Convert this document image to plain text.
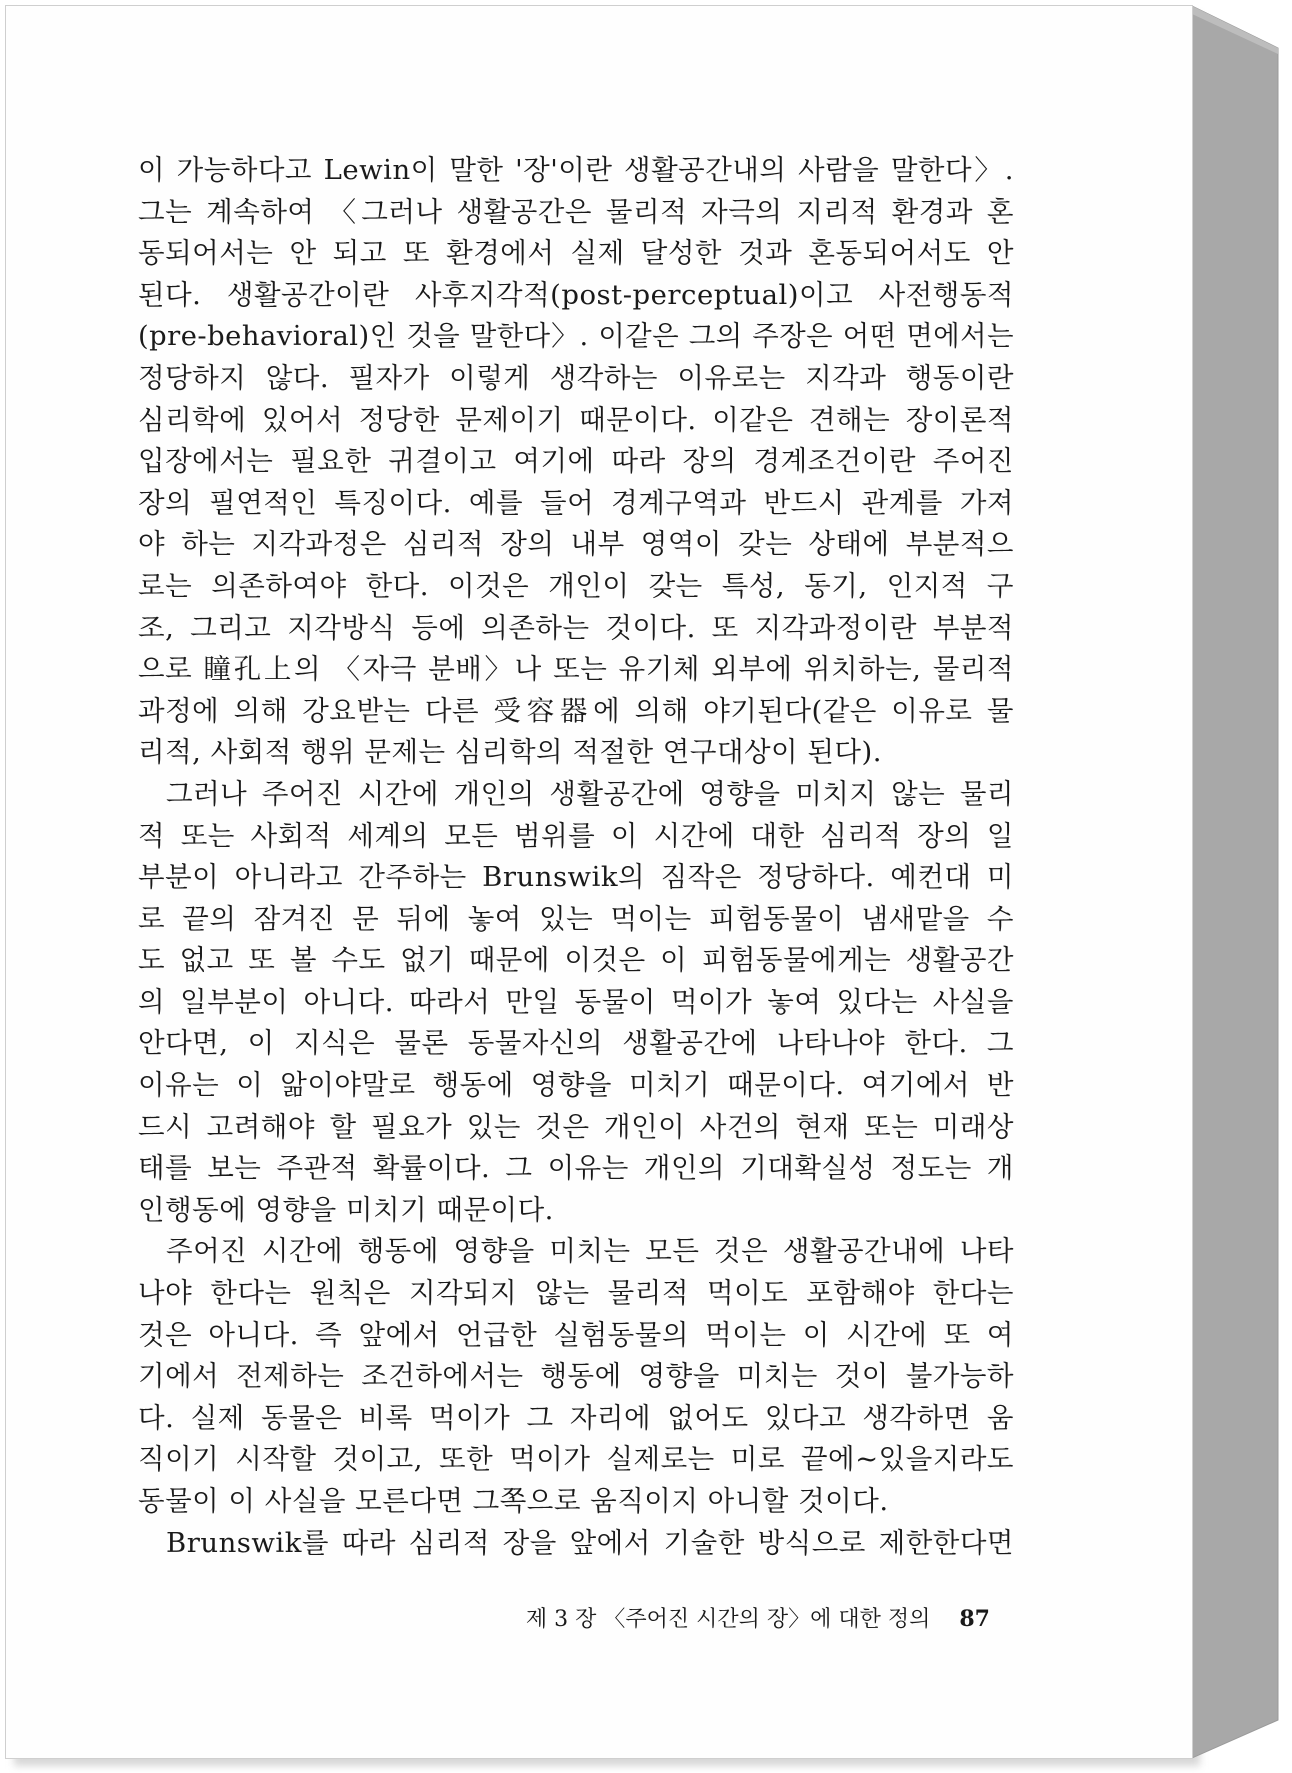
이 가능하다고 Lewin이 말한 '장'이란 생활공간내의 사람을 말한다〉.
그는 계속하여 〈그러나 생활공간은 물리적 자극의 지리적 환경과 혼
동되어서는 안 되고 또 환경에서 실제 달성한 것과 혼동되어서도 안
된다. 생활공간이란 사후지각적(post-perceptual)이고 사전행동적
(pre-behavioral)인 것을 말한다〉. 이같은 그의 주장은 어떤 면에서는
정당하지 않다. 필자가 이렇게 생각하는 이유로는 지각과 행동이란
심리학에 있어서 정당한 문제이기 때문이다. 이같은 견해는 장이론적
입장에서는 필요한 귀결이고 여기에 따라 장의 경계조건이란 주어진
장의 필연적인 특징이다. 예를 들어 경계구역과 반드시 관계를 가져
야 하는 지각과정은 심리적 장의 내부 영역이 갖는 상태에 부분적으
로는 의존하여야 한다. 이것은 개인이 갖는 특성, 동기, 인지적 구
조, 그리고 지각방식 등에 의존하는 것이다. 또 지각과정이란 부분적
으로 瞳孔上의 〈자극 분배〉나 또는 유기체 외부에 위치하는, 물리적
과정에 의해 강요받는 다른 受容器에 의해 야기된다(같은 이유로 물
리적, 사회적 행위 문제는 심리학의 적절한 연구대상이 된다).
그러나 주어진 시간에 개인의 생활공간에 영향을 미치지 않는 물리
적 또는 사회적 세계의 모든 범위를 이 시간에 대한 심리적 장의 일
부분이 아니라고 간주하는 Brunswik의 짐작은 정당하다. 예컨대 미
로 끝의 잠겨진 문 뒤에 놓여 있는 먹이는 피험동물이 냄새맡을 수
도 없고 또 볼 수도 없기 때문에 이것은 이 피험동물에게는 생활공간
의 일부분이 아니다. 따라서 만일 동물이 먹이가 놓여 있다는 사실을
안다면, 이 지식은 물론 동물자신의 생활공간에 나타나야 한다. 그
이유는 이 앎이야말로 행동에 영향을 미치기 때문이다. 여기에서 반
드시 고려해야 할 필요가 있는 것은 개인이 사건의 현재 또는 미래상
태를 보는 주관적 확률이다. 그 이유는 개인의 기대확실성 정도는 개
인행동에 영향을 미치기 때문이다.
주어진 시간에 행동에 영향을 미치는 모든 것은 생활공간내에 나타
나야 한다는 원칙은 지각되지 않는 물리적 먹이도 포함해야 한다는
것은 아니다. 즉 앞에서 언급한 실험동물의 먹이는 이 시간에 또 여
기에서 전제하는 조건하에서는 행동에 영향을 미치는 것이 불가능하
다. 실제 동물은 비록 먹이가 그 자리에 없어도 있다고 생각하면 움
직이기 시작할 것이고, 또한 먹이가 실제로는 미로 끝에~있을지라도
동물이 이 사실을 모른다면 그쪽으로 움직이지 아니할 것이다.
Brunswik를 따라 심리적 장을 앞에서 기술한 방식으로 제한한다면
제 3 장 〈주어진 시간의 장〉에 대한 정의 87
